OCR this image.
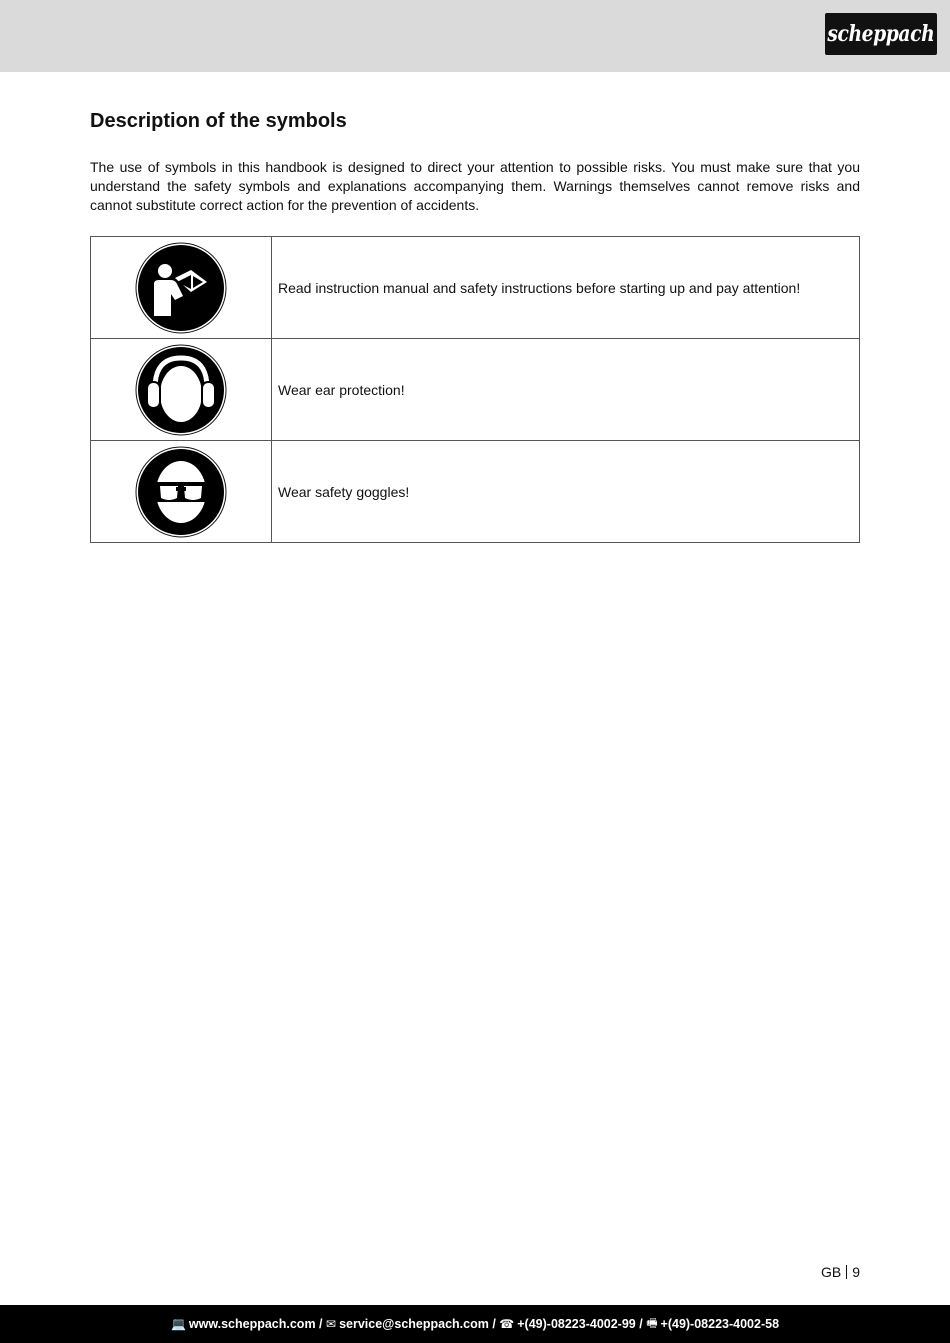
scheppach
Description of the symbols

The use of symbols in this handbook is designed to direct your attention to possible risks. You must make sure that you understand the safety symbols and explanations accompanying them. Warnings themselves cannot remove risks and cannot substitute correct action for the prevention of accidents.

	Read instruction manual and safety instructions before starting up and pay attention!

	Wear ear protection!

	Wear safety goggles!
GB 9
💻 www.scheppach.com
/
✉ service@scheppach.com
/
☎ +(49)-08223-4002-99
/
🖷 +(49)-08223-4002-58
